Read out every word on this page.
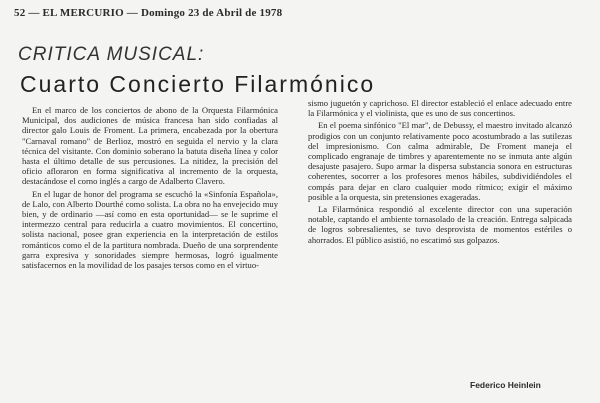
52 — EL MERCURIO — Domingo 23 de Abril de 1978
CRITICA MUSICAL:
Cuarto Concierto Filarmónico

En el marco de los conciertos de abono de la Orquesta Filarmónica Municipal, dos audiciones de música francesa han sido confiadas al director galo Louis de Froment. La primera, encabezada por la obertura "Carnaval romano" de Berlioz, mostró en seguida el nervio y la clara técnica del visitante. Con dominio soberano la batuta diseña línea y color hasta el último detalle de sus percusiones. La nitidez, la precisión del oficio afloraron en forma significativa al incremento de la orquesta, destacándose el corno inglés a cargo de Adalberto Clavero.

En el lugar de honor del programa se escuchó la «Sinfonía Española», de Lalo, con Alberto Dourthé como solista. La obra no ha envejecido muy bien, y de ordinario —así como en esta oportunidad— se le suprime el intermezzo central para reducirla a cuatro movimientos. El concertino, solista nacional, posee gran experiencia en la interpretación de estilos románticos como el de la partitura nombrada. Dueño de una sorprendente garra expresiva y sonoridades siempre hermosas, logró igualmente satisfacernos en la movilidad de los pasajes tersos como en el virtuo-

sismo juguetón y caprichoso. El director estableció el enlace adecuado entre la Filarmónica y el violinista, que es uno de sus concertinos.

En el poema sinfónico "El mar", de Debussy, el maestro invitado alcanzó prodigios con un conjunto relativamente poco acostumbrado a las sutilezas del impresionismo. Con calma admirable, De Froment maneja el complicado engranaje de timbres y aparentemente no se inmuta ante algún desajuste pasajero. Supo armar la dispersa substancia sonora en estructuras coherentes, socorrer a los profesores menos hábiles, subdividiéndoles el compás para dejar en claro cualquier modo rítmico; exigir el máximo posible a la orquesta, sin pretensiones exageradas.

La Filarmónica respondió al excelente director con una superación notable, captando el ambiente tornasolado de la creación. Entrega salpicada de logros sobresalientes, se tuvo desprovista de momentos estériles o ahorrados. El público asistió, no escatimó sus golpazos.

Federico Heinlein
